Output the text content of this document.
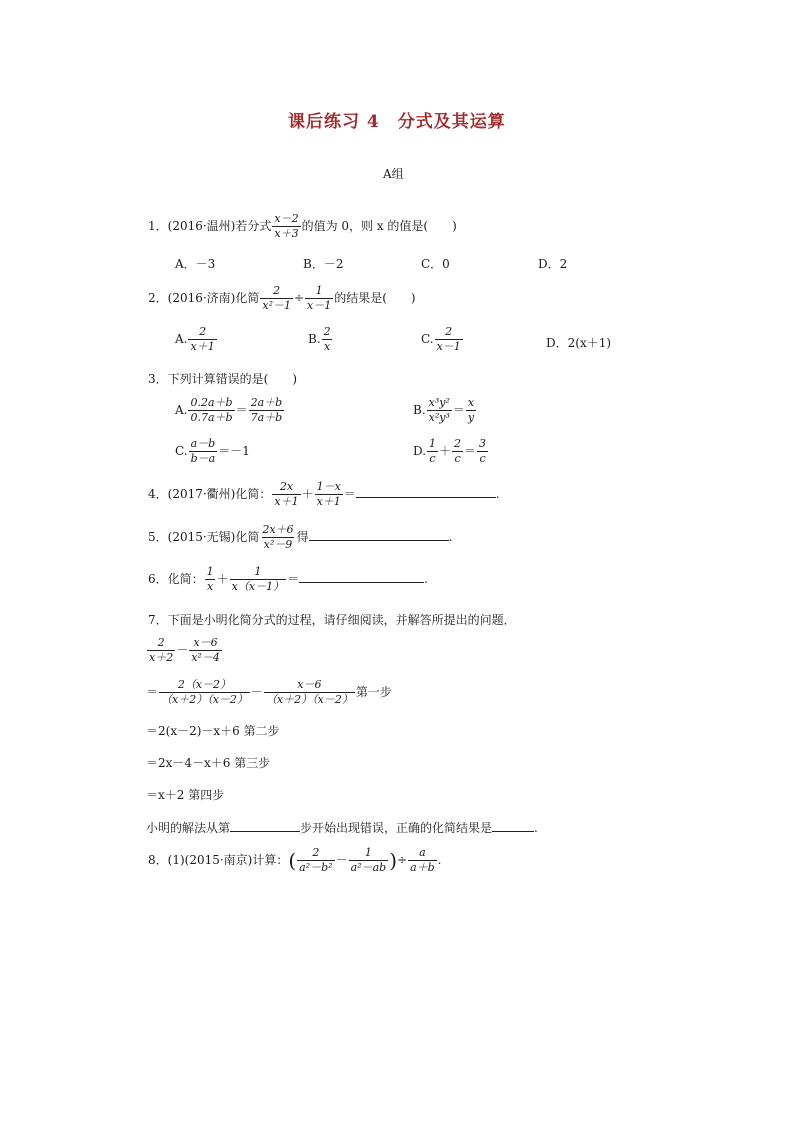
课后练习 4　分式及其运算
A组
1．(2016·温州)若分式 $\frac{x-2}{x+3}$ 的值为 0，则 x 的值是(　　)
A．－3	B．－2	C．0	D．2
2．(2016·济南)化简 $\frac{2}{\text{x²－1}} \div \frac{1}{x-1}$ 的结果是(　　)
A. $\frac{2}{x+1}$	B. $\frac{2}{x}$	C. $\frac{2}{x-1}$	D．2(x＋1)
3．下列计算错误的是(　　)
A. $\frac{0.2a+b}{0.7a+b} = \frac{2a+b}{7a+b}$	B. $\frac{\text{x³y²}}{\text{x²y³}} = \frac{x}{y}$
C. $\frac{a-b}{b-a} =-1$	D. $\frac{1}{c} + \frac{2}{c} = \frac{3}{c}$
4．(2017·衢州)化简： $\frac{2x}{x+1} + \frac{1-x}{x+1}$ ＝	.
5．(2015·无锡)化简 $\frac{2x+6}{\text{x²－9}}$ 得	.
6．化简： $\frac{1}{x} + \frac{1}{x(x-1)}$ ＝	.
7．下面是小明化简分式的过程，请仔细阅读，并解答所提出的问题．
$\frac{2}{x+2} - \frac{x-6}{\text{x²－4}}$
＝ $\frac{2(x-2)}{(x+2)(x-2)} - \frac{x-6}{(x+2)(x-2)}$ 第一步
＝2(x－2)－x＋6 第二步
＝2x－4－x＋6 第三步
＝x＋2 第四步
小明的解法从第	步开始出现错误，正确的化简结果是	.
8．(1)(2015·南京)计算：( $\frac{2}{\text{a²－b²}} - \frac{1}{\text{a²－ab}}$ )÷ $\frac{a}{a+b}$ .
